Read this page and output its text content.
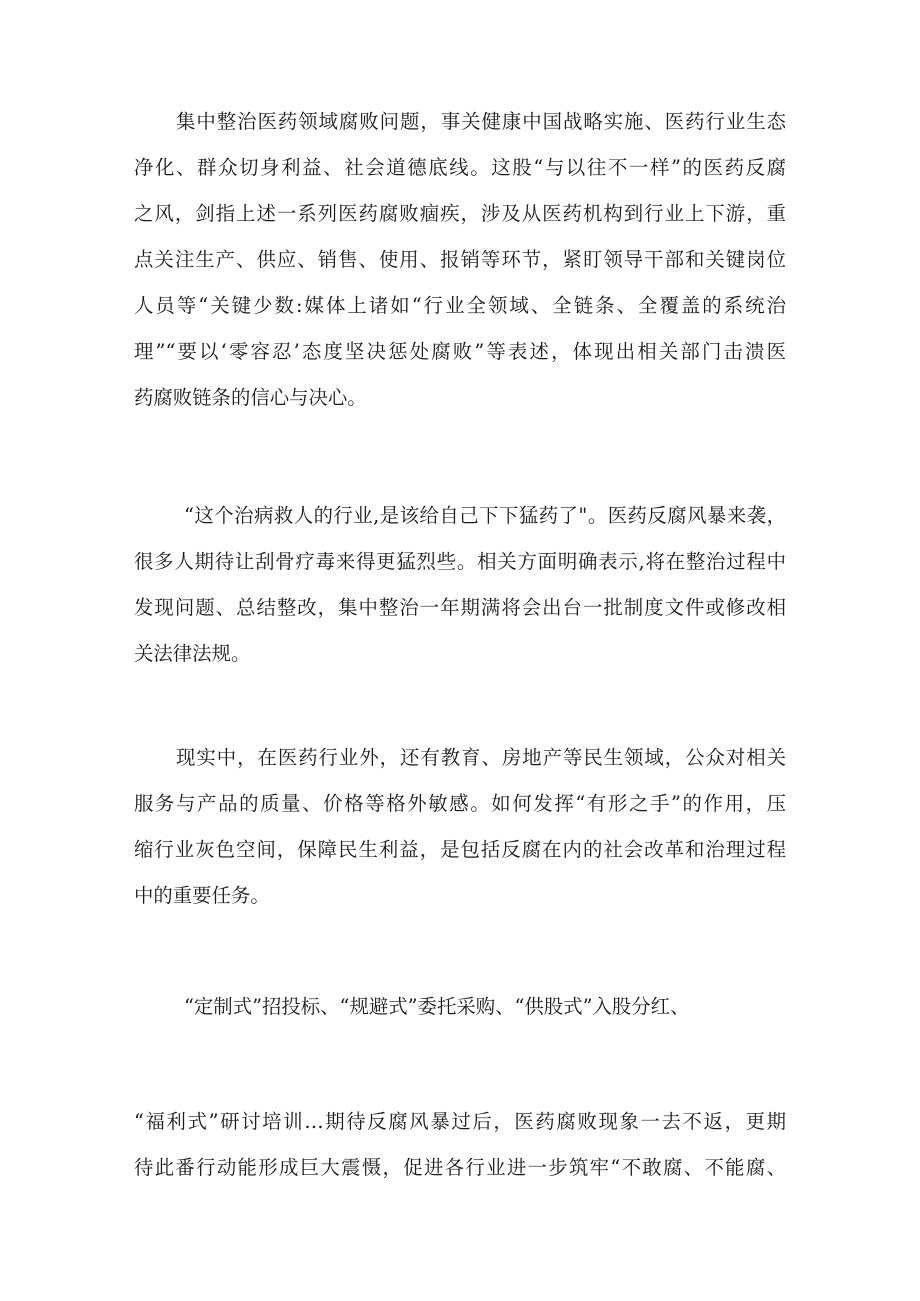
集中整治医药领域腐败问题，事关健康中国战略实施、医药行业生态

净化、群众切身利益、社会道德底线。这股“与以往不一样”的医药反腐

之风，剑指上述一系列医药腐败痼疾，涉及从医药机构到行业上下游，重

点关注生产、供应、销售、使用、报销等环节，紧盯领导干部和关键岗位

人员等“关键少数:媒体上诸如“行业全领域、全链条、全覆盖的系统治

理”“要以‘零容忍’态度坚决惩处腐败”等表述，体现出相关部门击溃医

药腐败链条的信心与决心。

“这个治病救人的行业,是该给自己下下猛药了"。医药反腐风暴来袭，

很多人期待让刮骨疗毒来得更猛烈些。相关方面明确表示,将在整治过程中

发现问题、总结整改，集中整治一年期满将会出台一批制度文件或修改相

关法律法规。

现实中，在医药行业外，还有教育、房地产等民生领域，公众对相关

服务与产品的质量、价格等格外敏感。如何发挥“有形之手”的作用，压

缩行业灰色空间，保障民生利益，是包括反腐在内的社会改革和治理过程

中的重要任务。

“定制式”招投标、“规避式”委托采购、“供股式”入股分红、

“福利式”研讨培训…期待反腐风暴过后，医药腐败现象一去不返，更期

待此番行动能形成巨大震慑，促进各行业进一步筑牢“不敢腐、不能腐、
